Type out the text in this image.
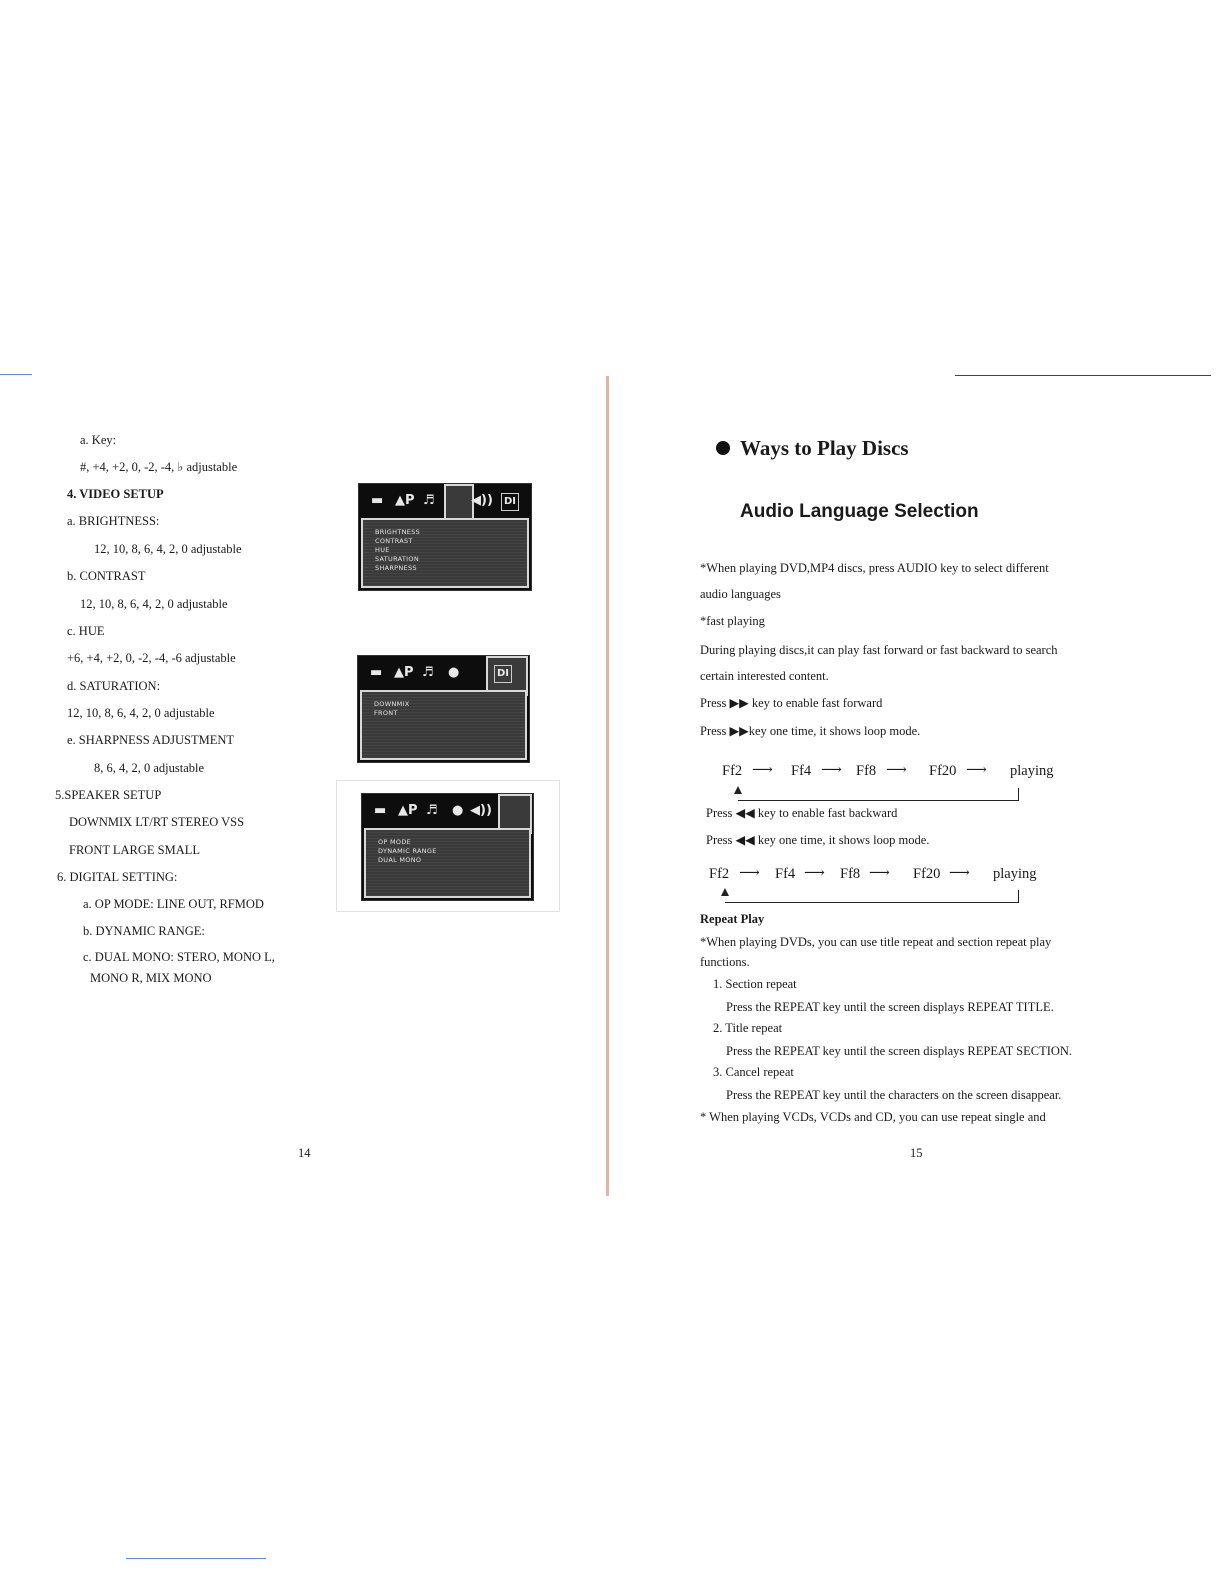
a. Key:
#, +4, +2, 0, -2, -4, ♭ adjustable
4. VIDEO SETUP
a. BRIGHTNESS:
12, 10, 8, 6, 4, 2, 0 adjustable
b. CONTRAST
12, 10, 8, 6, 4, 2, 0 adjustable
c. HUE
+6, +4, +2, 0, -2, -4, -6 adjustable
d. SATURATION:
12, 10, 8, 6, 4, 2, 0 adjustable
e. SHARPNESS ADJUSTMENT
8, 6, 4, 2, 0 adjustable
5.SPEAKER SETUP
DOWNMIX LT/RT STEREO VSS
FRONT LARGE SMALL
6. DIGITAL SETTING:
a. OP MODE: LINE OUT, RFMOD
b. DYNAMIC RANGE:
c. DUAL MONO: STERO, MONO L,
MONO R, MIX MONO
▬ ▲P ♬	◀))	DI
BRIGHTNESS
CONTRAST
HUE
SATURATION
SHARPNESS
▬ ▲P ♬ ●	DI
DOWNMIX
FRONT
▬ ▲P ♬ ● ◀))
OP MODE
DYNAMIC RANGE
DUAL MONO
14
Ways to Play Discs
Audio Language Selection
*When playing DVD,MP4 discs, press AUDIO key to select different
audio languages
*fast playing
During playing discs,it can play fast forward or fast backward to search
certain interested content.
Press ▶▶ key to enable fast forward
Press ▶▶key one time, it shows loop mode.
Press ◀◀ key to enable fast backward
Press ◀◀ key one time, it shows loop mode.
Repeat Play
*When playing DVDs, you can use title repeat and section repeat play
functions.
1. Section repeat
Press the REPEAT key until the screen displays REPEAT TITLE.
2. Title repeat
Press the REPEAT key until the screen displays REPEAT SECTION.
3. Cancel repeat
Press the REPEAT key until the characters on the screen disappear.
* When playing VCDs, VCDs and CD, you can use repeat single and
Ff2 ⟶ Ff4 ⟶ Ff8 ⟶ Ff20 ⟶ playing
Ff2 ⟶ Ff4 ⟶ Ff8 ⟶ Ff20 ⟶ playing
15
